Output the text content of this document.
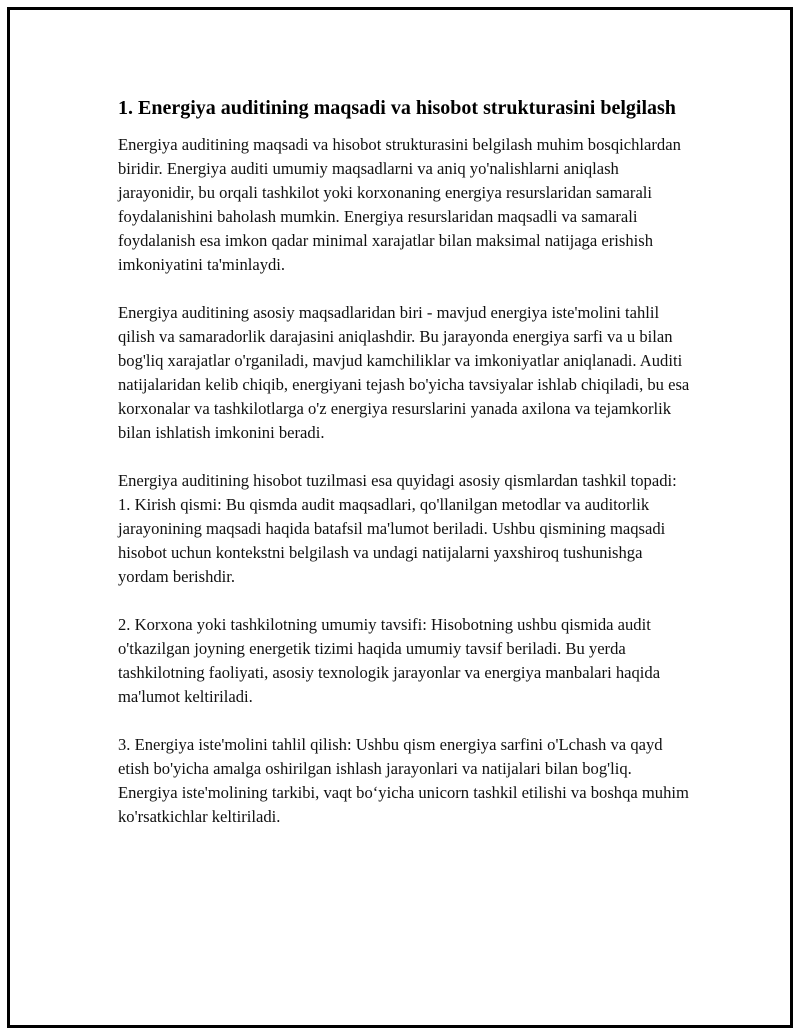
1. Energiya auditining maqsadi va hisobot strukturasini belgilash

Energiya auditining maqsadi va hisobot strukturasini belgilash muhim bosqichlardan biridir. Energiya auditi umumiy maqsadlarni va aniq yo'nalishlarni aniqlash jarayonidir, bu orqali tashkilot yoki korxonaning energiya resurslaridan samarali foydalanishini baholash mumkin. Energiya resurslaridan maqsadli va samarali foydalanish esa imkon qadar minimal xarajatlar bilan maksimal natijaga erishish imkoniyatini ta'minlaydi.

Energiya auditining asosiy maqsadlaridan biri - mavjud energiya iste'molini tahlil qilish va samaradorlik darajasini aniqlashdir. Bu jarayonda energiya sarfi va u bilan bog'liq xarajatlar o'rganiladi, mavjud kamchiliklar va imkoniyatlar aniqlanadi. Auditi natijalaridan kelib chiqib, energiyani tejash bo'yicha tavsiyalar ishlab chiqiladi, bu esa korxonalar va tashkilotlarga o'z energiya resurslarini yanada axilona va tejamkorlik bilan ishlatish imkonini beradi.

Energiya auditining hisobot tuzilmasi esa quyidagi asosiy qismlardan tashkil topadi:

1. Kirish qismi: Bu qismda audit maqsadlari, qo'llanilgan metodlar va auditorlik jarayonining maqsadi haqida batafsil ma'lumot beriladi. Ushbu qismining maqsadi hisobot uchun kontekstni belgilash va undagi natijalarni yaxshiroq tushunishga yordam berishdir.

2. Korxona yoki tashkilotning umumiy tavsifi: Hisobotning ushbu qismida audit o'tkazilgan joyning energetik tizimi haqida umumiy tavsif beriladi. Bu yerda tashkilotning faoliyati, asosiy texnologik jarayonlar va energiya manbalari haqida ma'lumot keltiriladi.

3. Energiya iste'molini tahlil qilish: Ushbu qism energiya sarfini o'Lchash va qayd etish bo'yicha amalga oshirilgan ishlash jarayonlari va natijalari bilan bog'liq. Energiya iste'molining tarkibi, vaqt bo‘yicha unicorn tashkil etilishi va boshqa muhim ko'rsatkichlar keltiriladi.
